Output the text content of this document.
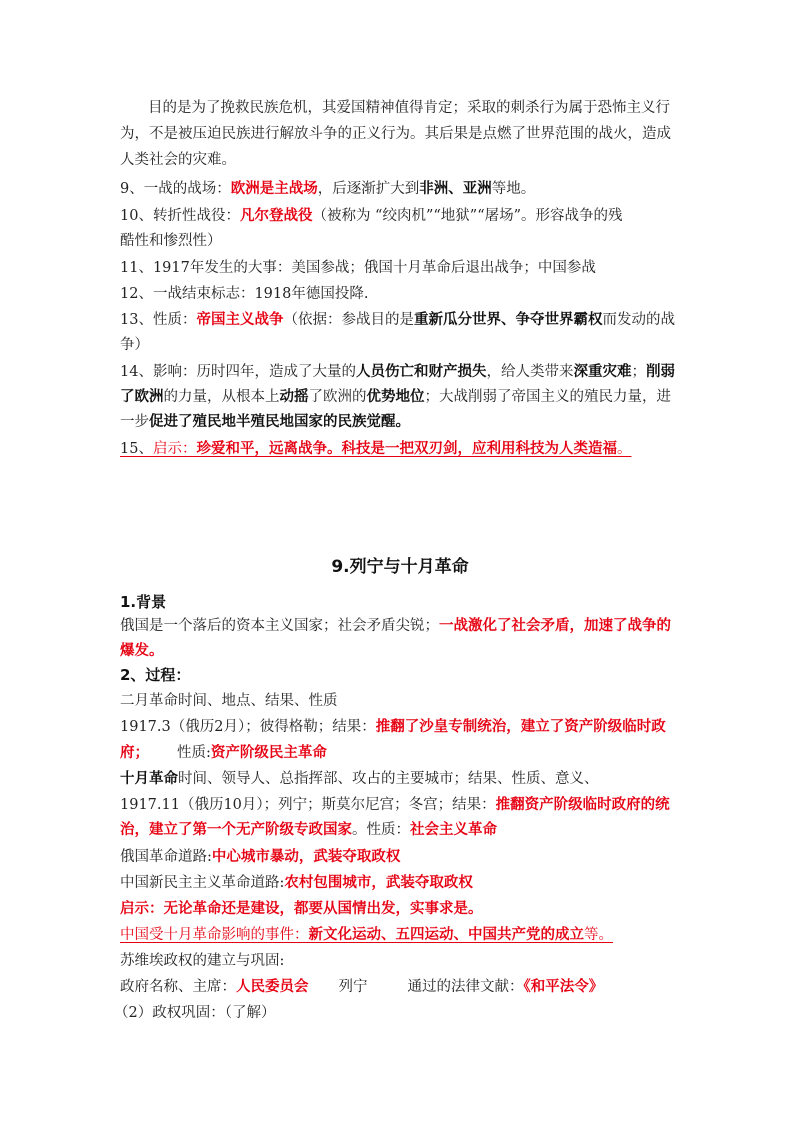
目的是为了挽救民族危机，其爱国精神值得肯定；采取的刺杀行为属于恐怖主义行
为，不是被压迫民族进行解放斗争的正义行为。其后果是点燃了世界范围的战火，造成
人类社会的灾难。
9、一战的战场：欧洲是主战场，后逐渐扩大到非洲、亚洲等地。
10、转折性战役：凡尔登战役（被称为 “绞肉机”“地狱”“屠场”。形容战争的残
酷性和惨烈性）
11、1917年发生的大事：美国参战；俄国十月革命后退出战争；中国参战
12、一战结束标志：1918年德国投降.
13、性质：帝国主义战争（依据：参战目的是重新瓜分世界、争夺世界霸权而发动的战
争）
14、影响：历时四年，造成了大量的人员伤亡和财产损失，给人类带来深重灾难；削弱
了欧洲的力量，从根本上动摇了欧洲的优势地位；大战削弱了帝国主义的殖民力量，进
一步促进了殖民地半殖民地国家的民族觉醒。
15、启示：珍爱和平，远离战争。科技是一把双刃剑，应利用科技为人类造福。
9.列宁与十月革命
1.背景
俄国是一个落后的资本主义国家；社会矛盾尖锐；一战激化了社会矛盾，加速了战争的
爆发。
2、过程：
二月革命时间、地点、结果、性质
1917.3（俄历2月）；彼得格勒；结果：推翻了沙皇专制统治，建立了资产阶级临时政
府； 性质:资产阶级民主革命
十月革命时间、领导人、总指挥部、攻占的主要城市；结果、性质、意义、
1917.11（俄历10月）；列宁；斯莫尔尼宫；冬宫；结果：推翻资产阶级临时政府的统
治，建立了第一个无产阶级专政国家。性质：社会主义革命
俄国革命道路:中心城市暴动，武装夺取政权
中国新民主主义革命道路:农村包围城市，武装夺取政权
启示：无论革命还是建设，都要从国情出发，实事求是。
中国受十月革命影响的事件：新文化运动、五四运动、中国共产党的成立等。
苏维埃政权的建立与巩固:
政府名称、主席：人民委员会 列宁	通过的法律文献：《和平法令》
（2）政权巩固：（了解）
